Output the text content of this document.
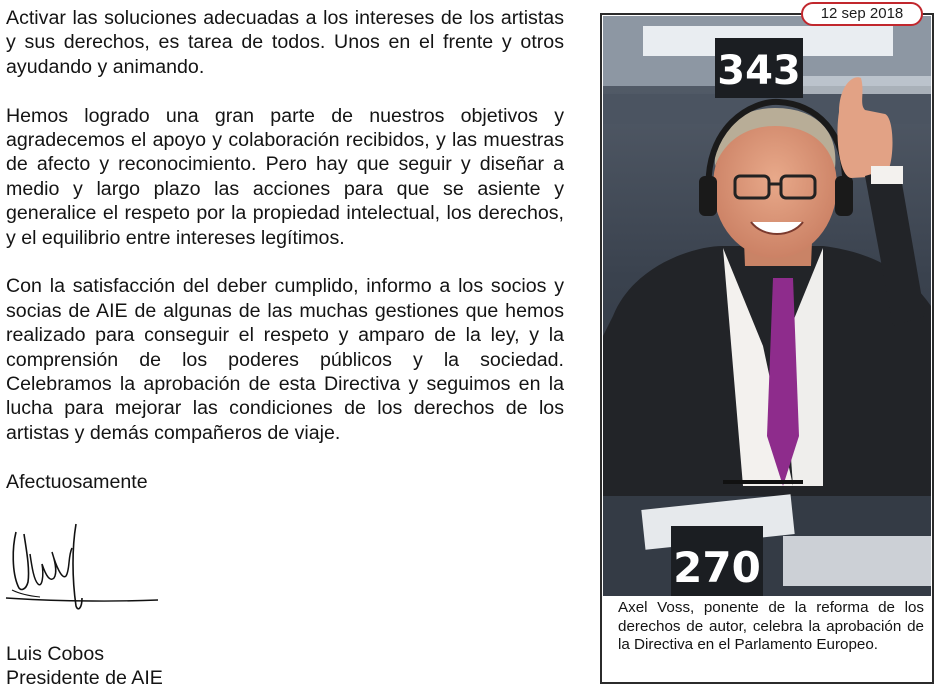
Activar las soluciones adecuadas a los intereses de los artistas y sus derechos, es tarea de todos. Unos en el frente y otros ayudando y animando.

Hemos logrado una gran parte de nuestros objetivos y agradecemos el apoyo y colaboración recibidos, y las muestras de afecto y reconocimiento. Pero hay que seguir y diseñar a medio y largo plazo las acciones para que se asiente y generalice el respeto por la propiedad intelectual, los derechos, y el equilibrio entre intereses legítimos.

Con la satisfacción del deber cumplido, informo a los socios y socias de AIE de algunas de las muchas gestiones que hemos realizado para conseguir el respeto y amparo de la ley, y la comprensión de los poderes públicos y la sociedad. Celebramos la aprobación de esta Directiva y seguimos en la lucha para mejorar las condiciones de los derechos de los artistas y demás compañeros de viaje.

Afectuosamente

Luis Cobos
Presidente de AIE
343
270
Axel Voss, ponente de la reforma de los derechos de autor, celebra la aprobación de la Directiva en el Parlamento Europeo.
12 sep 2018
